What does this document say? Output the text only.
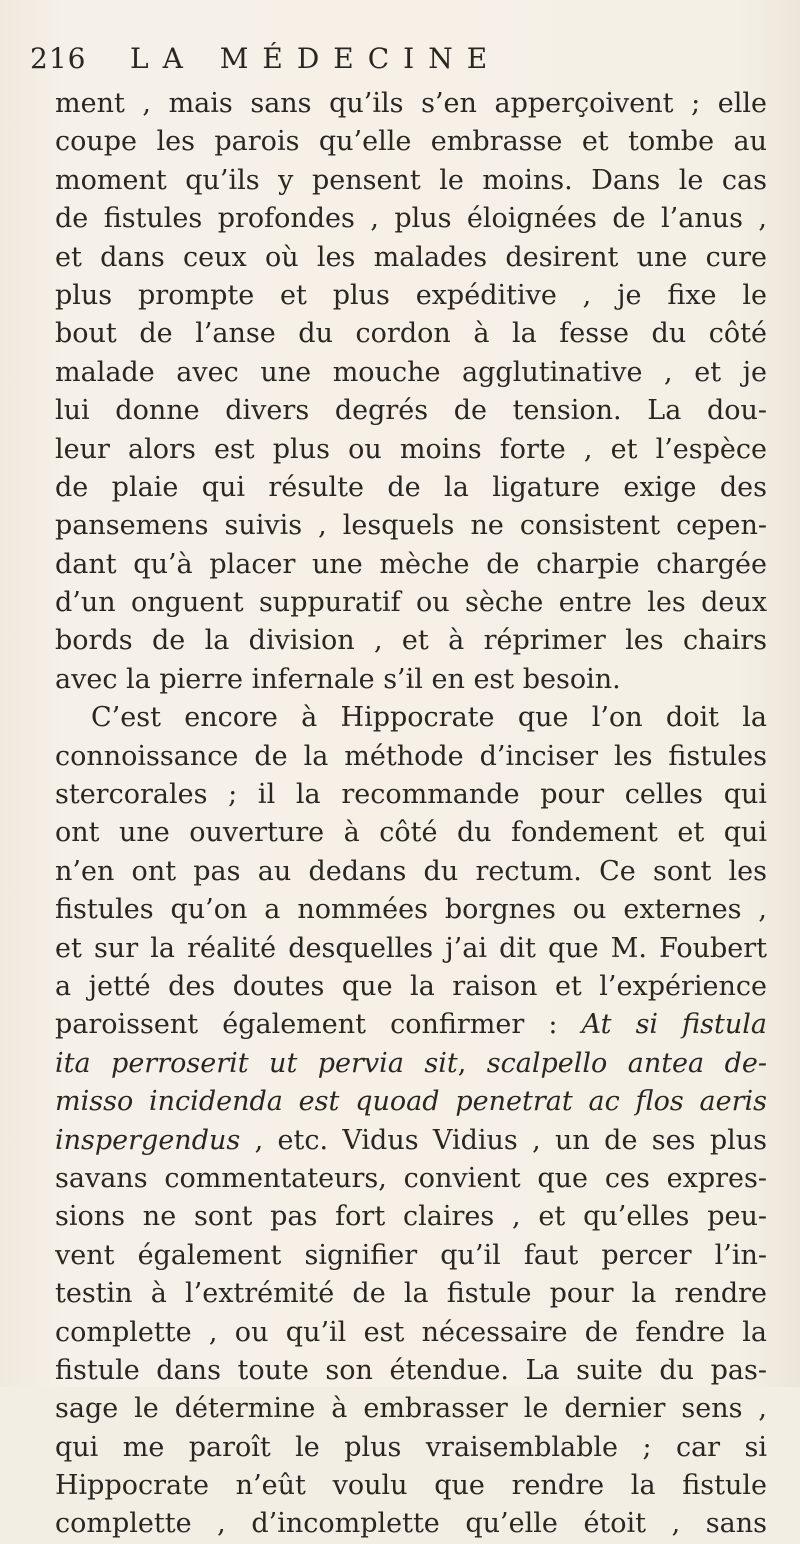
216 LA MÉDECINE
ment , mais sans qu’ils s’en apperçoivent ; elle
coupe les parois qu’elle embrasse et tombe au
moment qu’ils y pensent le moins. Dans le cas
de fistules profondes , plus éloignées de l’anus ,
et dans ceux où les malades desirent une cure
plus prompte et plus expéditive , je fixe le
bout de l’anse du cordon à la fesse du côté
malade avec une mouche agglutinative , et je
lui donne divers degrés de tension. La dou-
leur alors est plus ou moins forte , et l’espèce
de plaie qui résulte de la ligature exige des
pansemens suivis , lesquels ne consistent cepen-
dant qu’à placer une mèche de charpie chargée
d’un onguent suppuratif ou sèche entre les deux
bords de la division , et à réprimer les chairs
avec la pierre infernale s’il en est besoin.
C’est encore à Hippocrate que l’on doit la
connoissance de la méthode d’inciser les fistules
stercorales ; il la recommande pour celles qui
ont une ouverture à côté du fondement et qui
n’en ont pas au dedans du rectum. Ce sont les
fistules qu’on a nommées borgnes ou externes ,
et sur la réalité desquelles j’ai dit que M. Foubert
a jetté des doutes que la raison et l’expérience
paroissent également confirmer : At si fistula
ita perroserit ut pervia sit, scalpello antea de-
misso incidenda est quoad penetrat ac flos aeris
inspergendus , etc. Vidus Vidius , un de ses plus
savans commentateurs, convient que ces expres-
sions ne sont pas fort claires , et qu’elles peu-
vent également signifier qu’il faut percer l’in-
testin à l’extrémité de la fistule pour la rendre
complette , ou qu’il est nécessaire de fendre la
fistule dans toute son étendue. La suite du pas-
sage le détermine à embrasser le dernier sens ,
qui me paroît le plus vraisemblable ; car si
Hippocrate n’eût voulu que rendre la fistule
complette , d’incomplette qu’elle étoit , sans
